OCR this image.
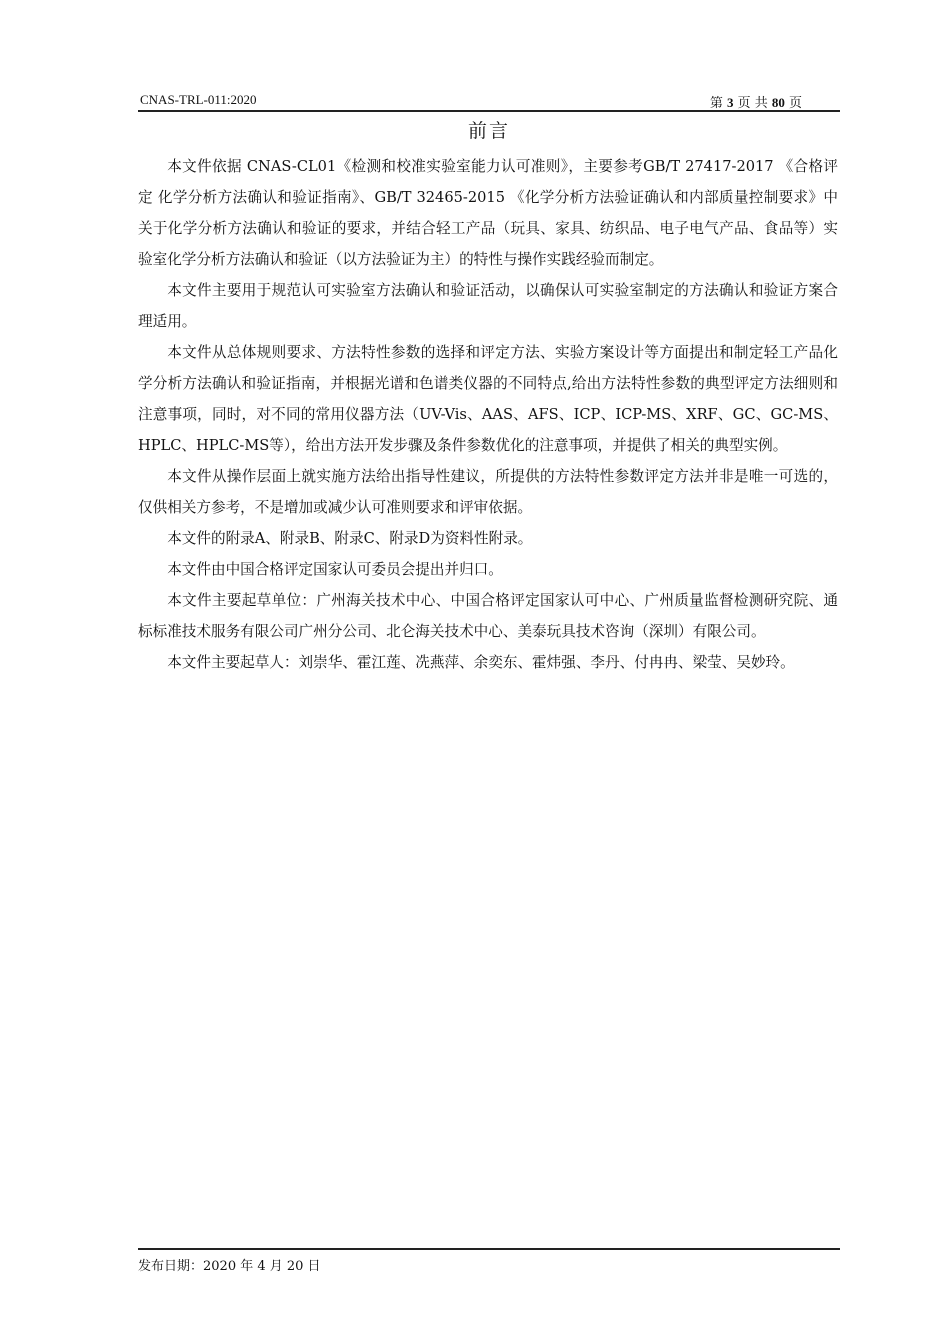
CNAS-TRL-011:2020	第 3 页 共 80 页
前言

本文件依据 CNAS-CL01《检测和校准实验室能力认可准则》，主要参考GB/T 27417-2017 《合格评定 化学分析方法确认和验证指南》、GB/T 32465-2015 《化学分析方法验证确认和内部质量控制要求》中关于化学分析方法确认和验证的要求，并结合轻工产品（玩具、家具、纺织品、电子电气产品、食品等）实验室化学分析方法确认和验证（以方法验证为主）的特性与操作实践经验而制定。

本文件主要用于规范认可实验室方法确认和验证活动，以确保认可实验室制定的方法确认和验证方案合理适用。

本文件从总体规则要求、方法特性参数的选择和评定方法、实验方案设计等方面提出和制定轻工产品化学分析方法确认和验证指南，并根据光谱和色谱类仪器的不同特点,给出方法特性参数的典型评定方法细则和注意事项，同时，对不同的常用仪器方法（UV-Vis、AAS、AFS、ICP、ICP-MS、XRF、GC、GC-MS、HPLC、HPLC-MS等），给出方法开发步骤及条件参数优化的注意事项，并提供了相关的典型实例。

本文件从操作层面上就实施方法给出指导性建议，所提供的方法特性参数评定方法并非是唯一可选的，仅供相关方参考，不是增加或减少认可准则要求和评审依据。

本文件的附录A、附录B、附录C、附录D为资料性附录。

本文件由中国合格评定国家认可委员会提出并归口。

本文件主要起草单位：广州海关技术中心、中国合格评定国家认可中心、广州质量监督检测研究院、通标标准技术服务有限公司广州分公司、北仑海关技术中心、美泰玩具技术咨询（深圳）有限公司。

本文件主要起草人：刘崇华、霍江莲、冼燕萍、余奕东、霍炜强、李丹、付冉冉、梁莹、吴妙玲。

发布日期：2020 年 4 月 20 日
